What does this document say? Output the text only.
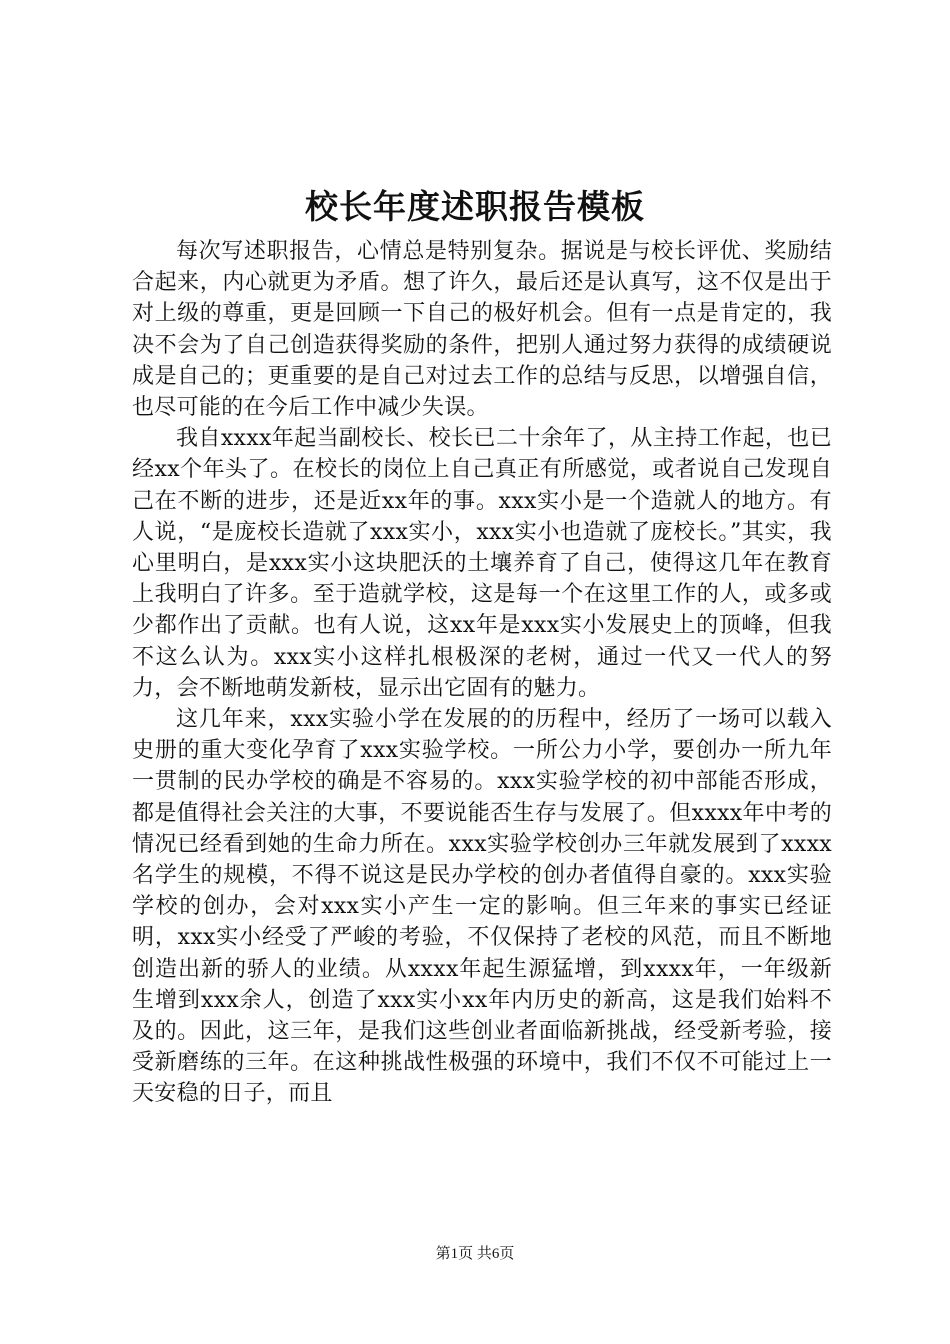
校长年度述职报告模板

每次写述职报告，心情总是特别复杂。据说是与校长评优、奖励结合起来，内心就更为矛盾。想了许久，最后还是认真写，这不仅是出于对上级的尊重，更是回顾一下自己的极好机会。但有一点是肯定的，我决不会为了自己创造获得奖励的条件，把别人通过努力获得的成绩硬说成是自己的；更重要的是自己对过去工作的总结与反思，以增强自信，也尽可能的在今后工作中减少失误。

我自xxxx年起当副校长、校长已二十余年了，从主持工作起，也已经xx个年头了。在校长的岗位上自己真正有所感觉，或者说自己发现自己在不断的进步，还是近xx年的事。xxx实小是一个造就人的地方。有人说，“是庞校长造就了xxx实小，xxx实小也造就了庞校长。”其实，我心里明白，是xxx实小这块肥沃的土壤养育了自己，使得这几年在教育上我明白了许多。至于造就学校，这是每一个在这里工作的人，或多或少都作出了贡献。也有人说，这xx年是xxx实小发展史上的顶峰，但我不这么认为。xxx实小这样扎根极深的老树，通过一代又一代人的努力，会不断地萌发新枝，显示出它固有的魅力。

这几年来，xxx实验小学在发展的的历程中，经历了一场可以载入史册的重大变化孕育了xxx实验学校。一所公力小学，要创办一所九年一贯制的民办学校的确是不容易的。xxx实验学校的初中部能否形成，都是值得社会关注的大事，不要说能否生存与发展了。但xxxx年中考的情况已经看到她的生命力所在。xxx实验学校创办三年就发展到了xxxx名学生的规模，不得不说这是民办学校的创办者值得自豪的。xxx实验学校的创办，会对xxx实小产生一定的影响。但三年来的事实已经证明，xxx实小经受了严峻的考验，不仅保持了老校的风范，而且不断地创造出新的骄人的业绩。从xxxx年起生源猛增，到xxxx年，一年级新生增到xxx余人，创造了xxx实小xx年内历史的新高，这是我们始料不及的。因此，这三年，是我们这些创业者面临新挑战，经受新考验，接受新磨练的三年。在这种挑战性极强的环境中，我们不仅不可能过上一天安稳的日子，而且

第1页 共6页
